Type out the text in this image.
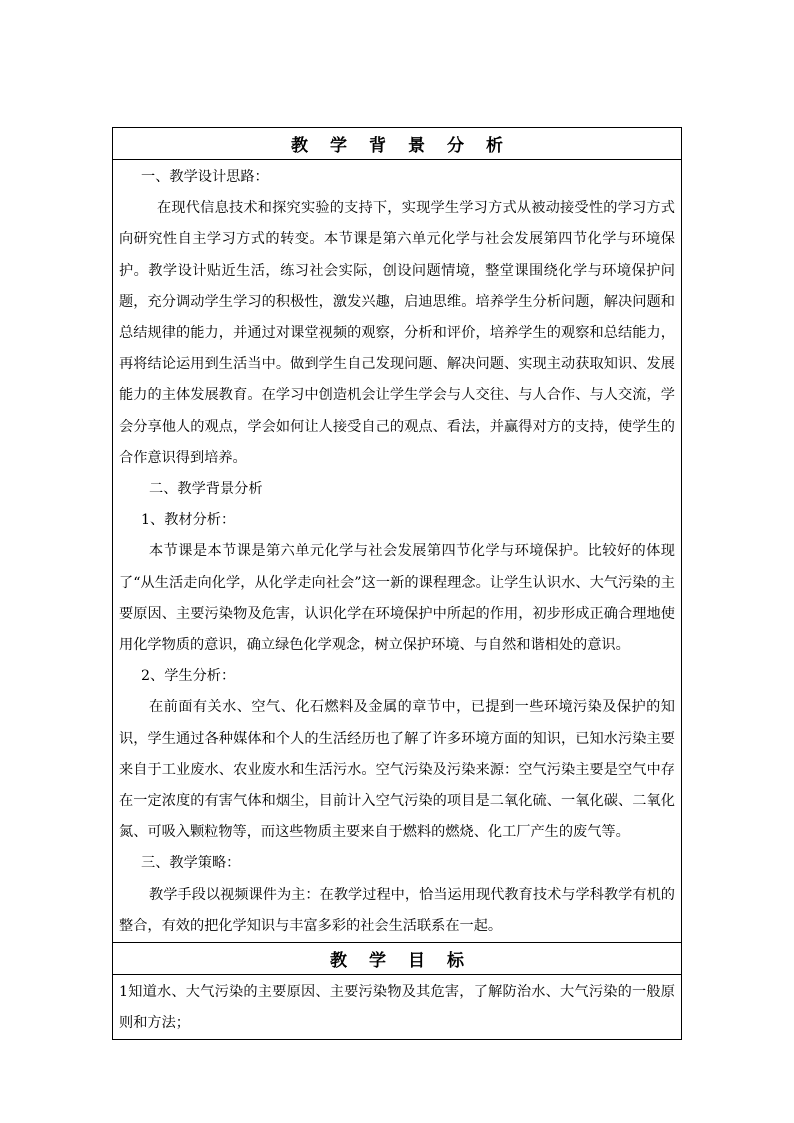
教学背景分析

一、教学设计思路：

在现代信息技术和探究实验的支持下，实现学生学习方式从被动接受性的学习方式向研究性自主学习方式的转变。本节课是第六单元化学与社会发展第四节化学与环境保护。教学设计贴近生活，练习社会实际，创设问题情境，整堂课围绕化学与环境保护问题，充分调动学生学习的积极性，激发兴趣，启迪思维。培养学生分析问题，解决问题和总结规律的能力，并通过对课堂视频的观察，分析和评价，培养学生的观察和总结能力，再将结论运用到生活当中。做到学生自己发现问题、解决问题、实现主动获取知识、发展能力的主体发展教育。在学习中创造机会让学生学会与人交往、与人合作、与人交流，学会分享他人的观点，学会如何让人接受自己的观点、看法，并赢得对方的支持，使学生的合作意识得到培养。

二、教学背景分析

1、教材分析：

本节课是本节课是第六单元化学与社会发展第四节化学与环境保护。比较好的体现了“从生活走向化学，从化学走向社会”这一新的课程理念。让学生认识水、大气污染的主要原因、主要污染物及危害，认识化学在环境保护中所起的作用，初步形成正确合理地使用化学物质的意识，确立绿色化学观念，树立保护环境、与自然和谐相处的意识。

2、学生分析：

在前面有关水、空气、化石燃料及金属的章节中，已提到一些环境污染及保护的知识，学生通过各种媒体和个人的生活经历也了解了许多环境方面的知识，已知水污染主要来自于工业废水、农业废水和生活污水。空气污染及污染来源：空气污染主要是空气中存在一定浓度的有害气体和烟尘，目前计入空气污染的项目是二氧化硫、一氧化碳、二氧化氮、可吸入颗粒物等，而这些物质主要来自于燃料的燃烧、化工厂产生的废气等。

三、教学策略：

教学手段以视频课件为主：在教学过程中，恰当运用现代教育技术与学科教学有机的整合，有效的把化学知识与丰富多彩的社会生活联系在一起。

教学目标

1知道水、大气污染的主要原因、主要污染物及其危害，了解防治水、大气污染的一般原则和方法；
